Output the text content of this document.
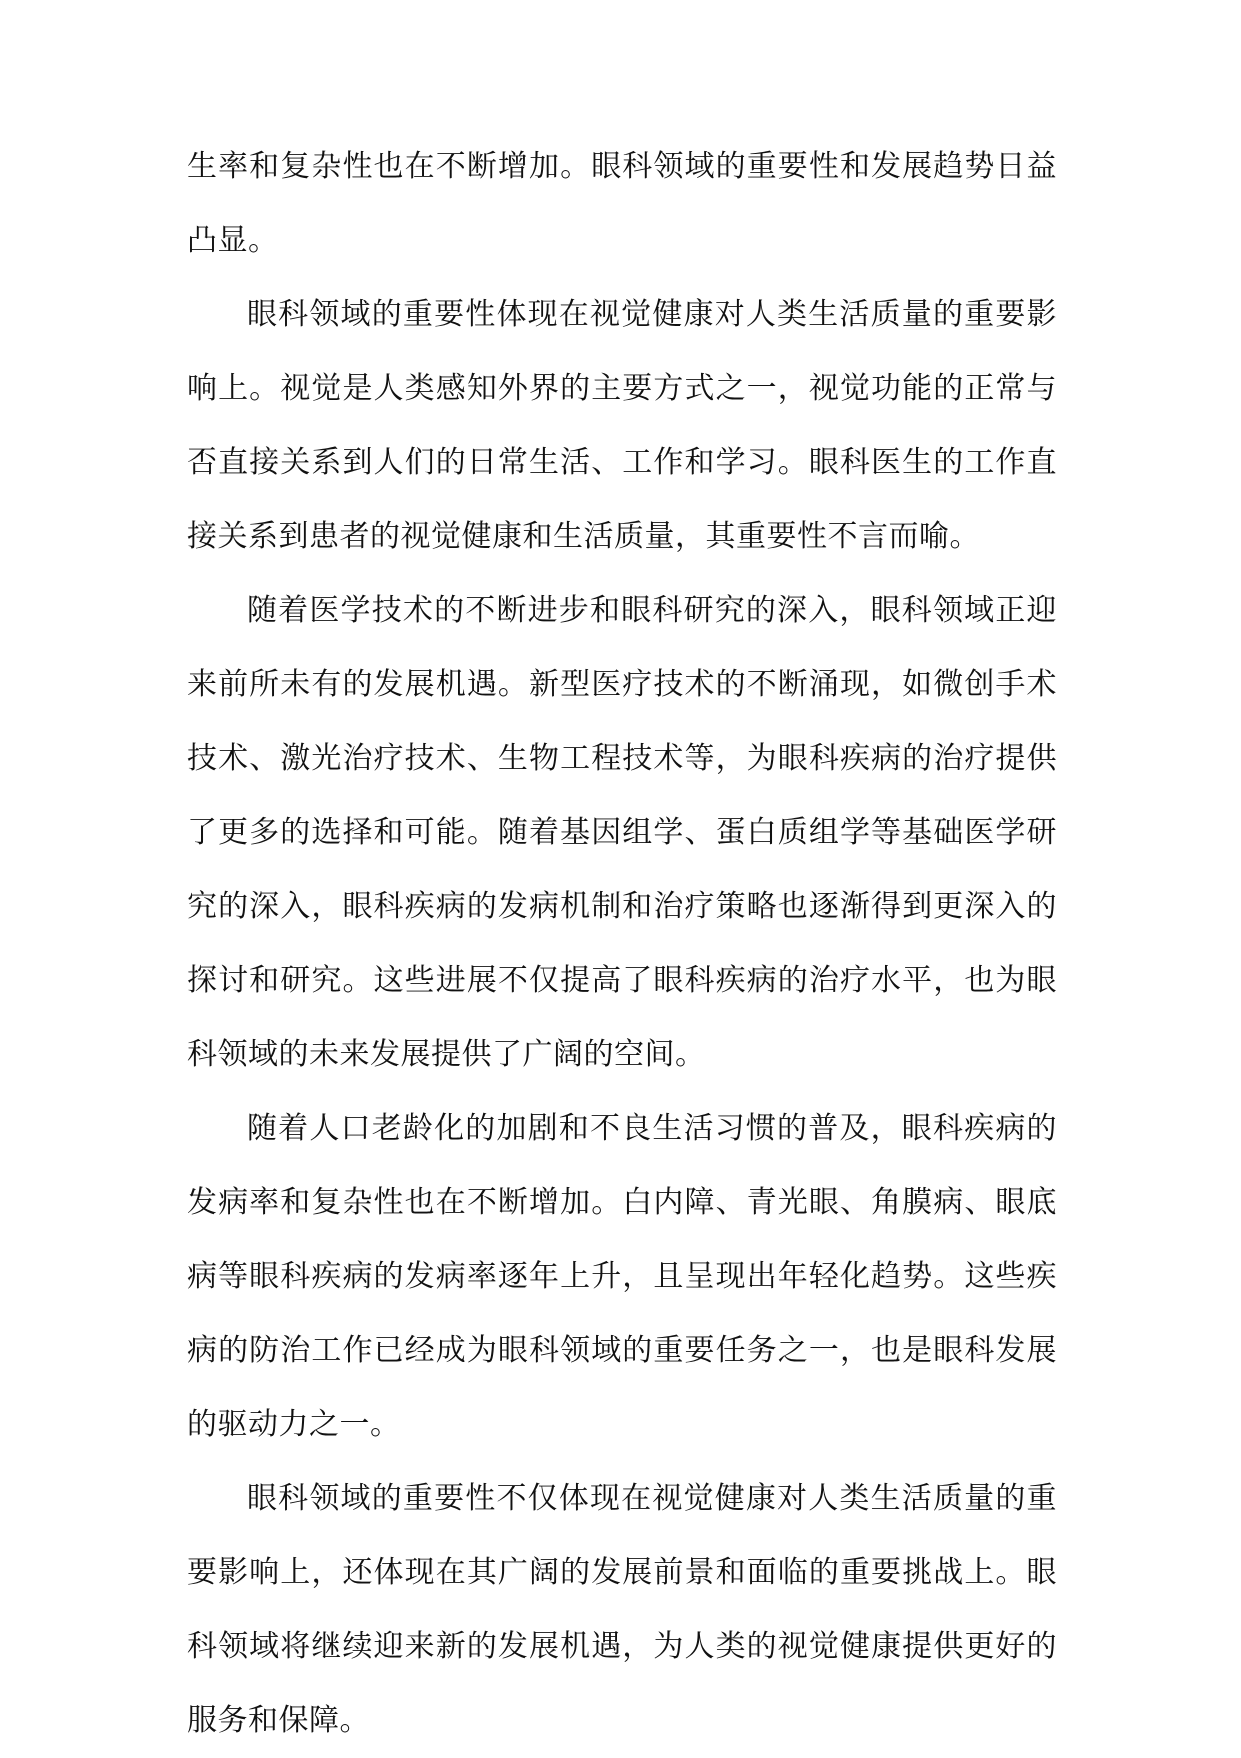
生率和复杂性也在不断增加。眼科领域的重要性和发展趋势日益凸显。

眼科领域的重要性体现在视觉健康对人类生活质量的重要影响上。视觉是人类感知外界的主要方式之一，视觉功能的正常与否直接关系到人们的日常生活、工作和学习。眼科医生的工作直接关系到患者的视觉健康和生活质量，其重要性不言而喻。

随着医学技术的不断进步和眼科研究的深入，眼科领域正迎来前所未有的发展机遇。新型医疗技术的不断涌现，如微创手术技术、激光治疗技术、生物工程技术等，为眼科疾病的治疗提供了更多的选择和可能。随着基因组学、蛋白质组学等基础医学研究的深入，眼科疾病的发病机制和治疗策略也逐渐得到更深入的探讨和研究。这些进展不仅提高了眼科疾病的治疗水平，也为眼科领域的未来发展提供了广阔的空间。

随着人口老龄化的加剧和不良生活习惯的普及，眼科疾病的发病率和复杂性也在不断增加。白内障、青光眼、角膜病、眼底病等眼科疾病的发病率逐年上升，且呈现出年轻化趋势。这些疾病的防治工作已经成为眼科领域的重要任务之一，也是眼科发展的驱动力之一。

眼科领域的重要性不仅体现在视觉健康对人类生活质量的重要影响上，还体现在其广阔的发展前景和面临的重要挑战上。眼科领域将继续迎来新的发展机遇，为人类的视觉健康提供更好的服务和保障。
